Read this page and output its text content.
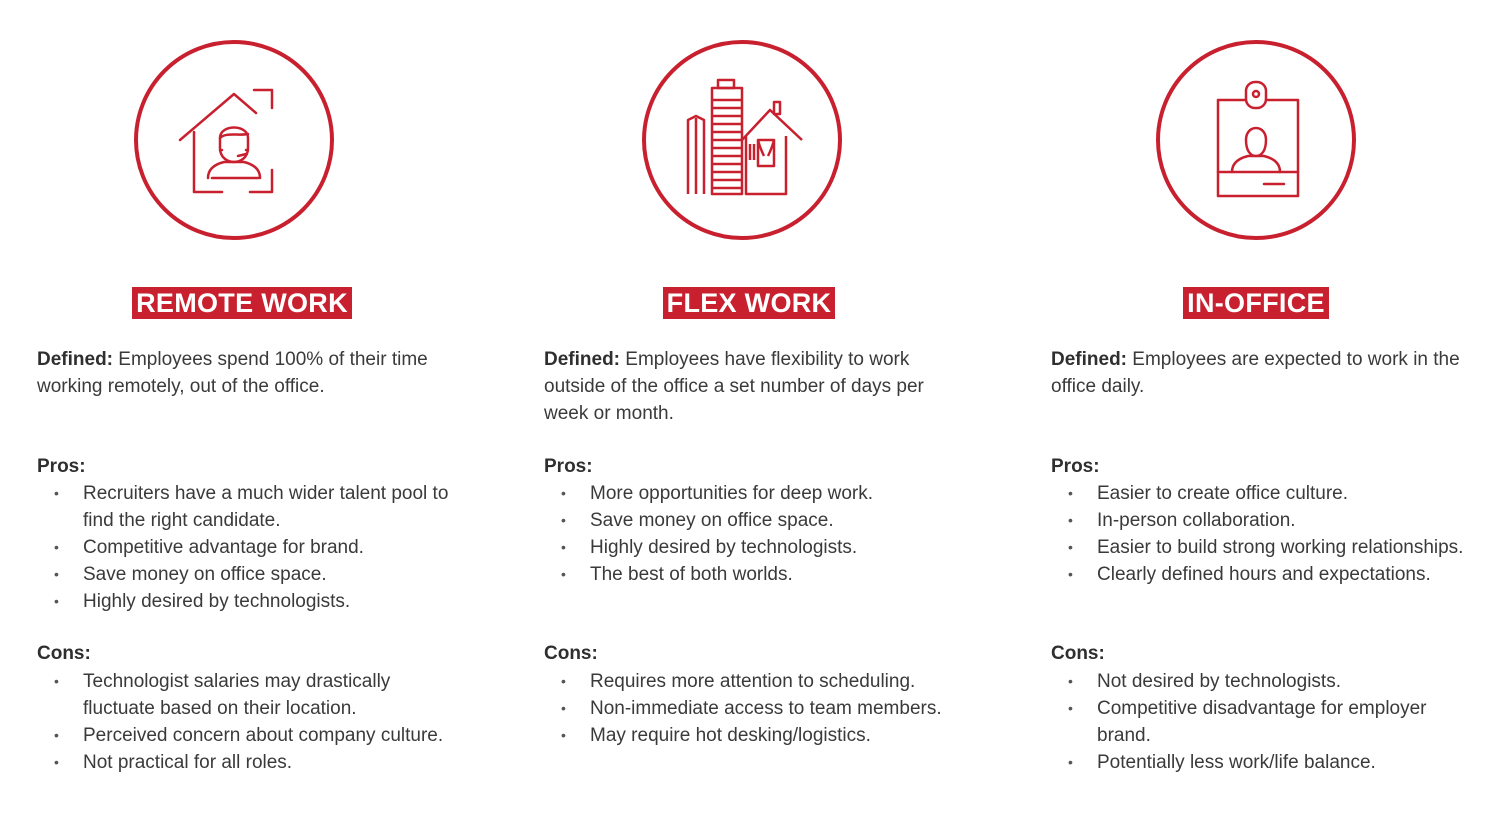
REMOTE WORK

Defined: Employees spend 100% of their time working remotely, out of the office.

Pros:
• Recruiters have a much wider talent pool to find the right candidate.
• Competitive advantage for brand.
• Save money on office space.
• Highly desired by technologists.
Cons:
• Technologist salaries may drastically fluctuate based on their location.
• Perceived concern about company culture.
• Not practical for all roles.
FLEX WORK

Defined: Employees have flexibility to work outside of the office a set number of days per week or month.

Pros:
• More opportunities for deep work.
• Save money on office space.
• Highly desired by technologists.
• The best of both worlds.
Cons:
• Requires more attention to scheduling.
• Non-immediate access to team members.
• May require hot desking/logistics.
IN-OFFICE

Defined: Employees are expected to work in the office daily.

Pros:
• Easier to create office culture.
• In-person collaboration.
• Easier to build strong working relationships.
• Clearly defined hours and expectations.
Cons:
• Not desired by technologists.
• Competitive disadvantage for employer brand.
• Potentially less work/life balance.
